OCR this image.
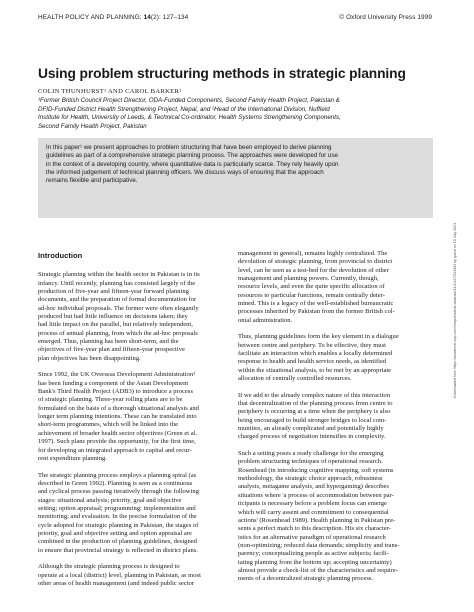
HEALTH POLICY AND PLANNING; 14(2): 127–134	© Oxford University Press 1999
Using problem structuring methods in strategic planning
COLIN THUNHURST¹ AND CAROL BARKER²
¹Former British Council Project Director, ODA-Funded Components, Second Family Health Project, Pakistan &
DFID-Funded District Health Strengthening Project, Nepal, and ²Head of the International Division, Nuffield
Institute for Health, University of Leeds, & Technical Co-ordinator, Health Systems Strengthening Components,
Second Family Health Project, Pakistan
In this paper¹ we present approaches to problem structuring that have been employed to derive planning
guidelines as part of a comprehensive strategic planning process. The approaches were developed for use
in the context of a developing country, where quantitative data is particularly scarce. They rely heavily upon
the informed judgement of technical planning officers. We discuss ways of ensuring that the approach
remains flexible and participative.
Downloaded from https://academic.oup.com/heapol/article-abstract/14/2/127/621163 by guest on 15 July 2021
Introduction

Strategic planning within the health sector in Pakistan is in its
infancy. Until recently, planning has consisted largely of the
production of five-year and fifteen-year forward planning
documents, and the preparation of formal documentation for
ad-hoc individual proposals. The former were often elegantly
produced but had little influence on decisions taken; they
had little impact on the parallel, but relatively independent,
process of annual planning, from which the ad-hoc proposals
emerged. Thus, planning has been short-term, and the
objectives of five-year plan and fifteen-year prospective
plan objectives has been disappointing.

Since 1992, the UK Overseas Development Administration²
has been funding a component of the Asian Development
Bank's Third Health Project (ADB3) to introduce a process
of strategic planning. Three-year rolling plans are to be
formulated on the basis of a thorough situational analysis and
longer term planning intentions. These can be translated into
short-term programmes, which will be linked into the
achievement of broader health sector objectives (Green et al.
1997). Such plans provide the opportunity, for the first time,
for developing an integrated approach to capital and recur-
rent expenditure planning.

The strategic planning process employs a planning spiral (as
described in Green 1992). Planning is seen as a continuous
and cyclical process passing iteratively through the following
stages: situational analysis; priority, goal and objective
setting; option appraisal; programming; implementation and
monitoring; and evaluation. In the precise formulation of the
cycle adopted for strategic planning in Pakistan, the stages of
priority, goal and objective setting and option appraisal are
combined in the production of planning guidelines, designed
to ensure that provincial strategy is reflected in district plans.

Although the strategic planning process is designed to
operate at a local (district) level, planning in Pakistan, as most
other areas of health management (and indeed public sector

management in general), remains highly centralized. The
devolution of strategic planning, from provincial to district
level, can be seen as a test-bed for the devolution of other
management and planning powers. Currently, though,
resource levels, and even the quite specific allocation of
resources to particular functions, remain centrally deter-
mined. This is a legacy of the well-established bureaucratic
processes inherited by Pakistan from the former British col-
onial administration.

Thus, planning guidelines form the key element in a dialogue
between centre and periphery. To be effective, they must
facilitate an interaction which enables a locally determined
response to health and health service needs, as identified
within the situational analysis, to be met by an appropriate
allocation of centrally controlled resources.

If we add to the already complex nature of this interaction
that decentralization of the planning process from centre to
periphery is occurring at a time when the periphery is also
being encouraged to build stronger bridges to local com-
munities, an already complicated and potentially highly
charged process of negotiation intensifies in complexity.

Such a setting poses a ready challenge for the emerging
problem structuring techniques of operational research.
Rosenhead (in introducing cognitive mapping, soft systems
methodology, the strategic choice approach, robustness
analysis, metagame analysis, and hypergaming) describes
situations where 'a process of accommodation between par-
ticipants is necessary before a problem focus can emerge
which will carry assent and commitment to consequential
actions' (Rosenhead 1989). Health planning in Pakistan pre-
sents a perfect match to this description. His six character-
istics for an alternative paradigm of operational research
(non-optimizing; reduced data demands; simplicity and trans-
parency; conceptualizing people as active subjects; facili-
tating planning from the bottom up; accepting uncertainty)
almost provide a check-list of the characteristics and require-
ments of a decentralized strategic planning process.
